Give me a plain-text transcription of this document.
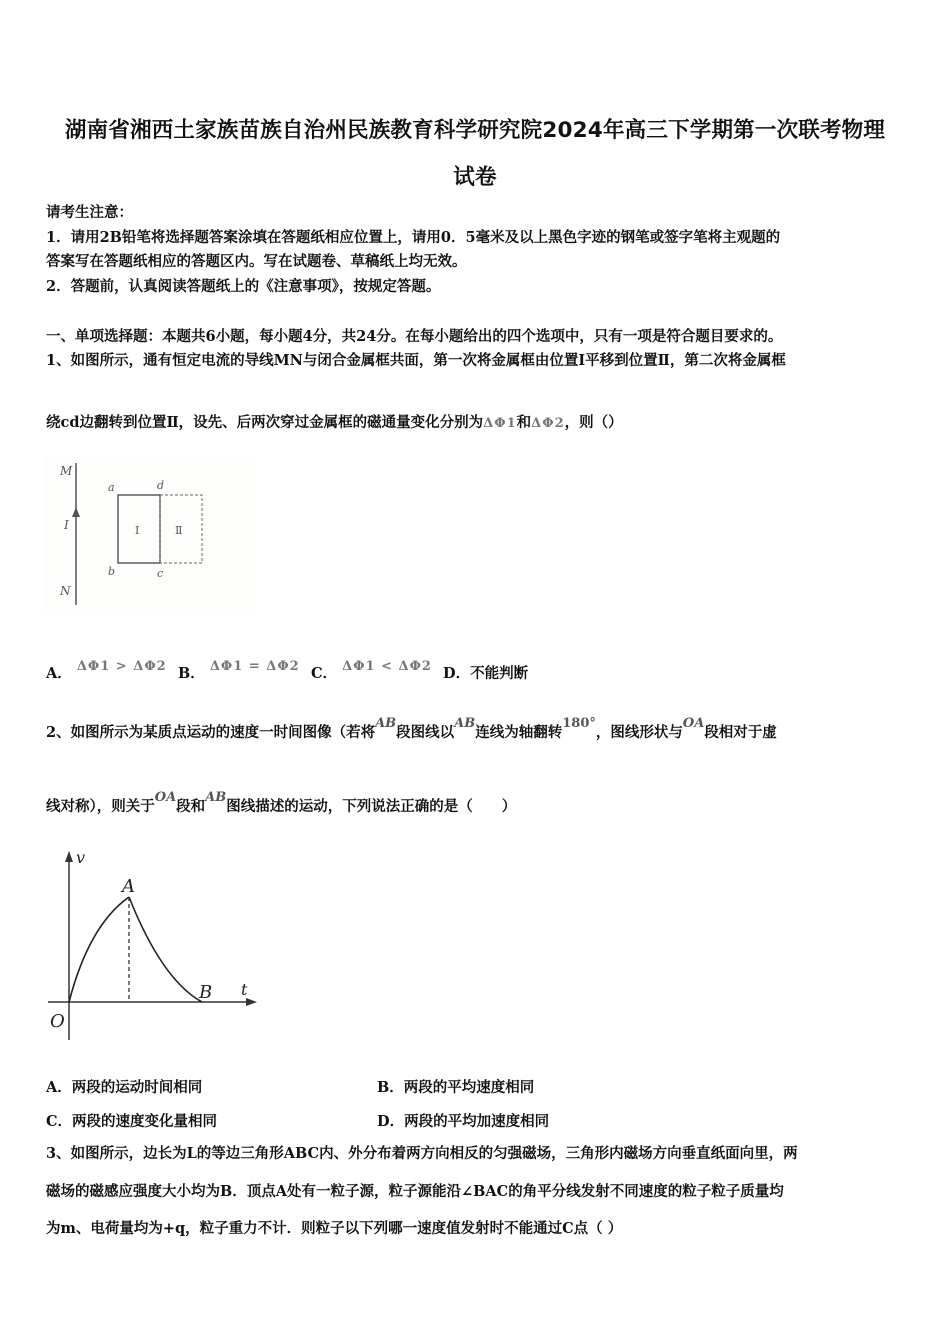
湖南省湘西土家族苗族自治州民族教育科学研究院2024年高三下学期第一次联考物理
试卷
请考生注意：
1．请用2B铅笔将选择题答案涂填在答题纸相应位置上，请用0．5毫米及以上黑色字迹的钢笔或签字笔将主观题的
答案写在答题纸相应的答题区内。写在试题卷、草稿纸上均无效。
2．答题前，认真阅读答题纸上的《注意事项》，按规定答题。
一、单项选择题：本题共6小题，每小题4分，共24分。在每小题给出的四个选项中，只有一项是符合题目要求的。
1、如图所示，通有恒定电流的导线MN与闭合金属框共面，第一次将金属框由位置Ⅰ平移到位置Ⅱ，第二次将金属框
绕cd边翻转到位置Ⅱ，设先、后两次穿过金属框的磁通量变化分别为ΔΦ1和ΔΦ2，则（）
M
I
N
a	d
b	c
Ⅰ	Ⅱ
A． ΔΦ1 > ΔΦ2 B． ΔΦ1 = ΔΦ2 C． ΔΦ1 < ΔΦ2 D．不能判断
2、如图所示为某质点运动的速度一时间图像（若将AB段图线以AB连线为轴翻转180°，图线形状与OA段相对于虚
线对称），则关于OA段和AB图线描述的运动，下列说法正确的是（　　）
v
t
O
A
B
A．两段的运动时间相同	B．两段的平均速度相同
C．两段的速度变化量相同	D．两段的平均加速度相同
3、如图所示，边长为L的等边三角形ABC内、外分布着两方向相反的匀强磁场，三角形内磁场方向垂直纸面向里，两
磁场的磁感应强度大小均为B．顶点A处有一粒子源，粒子源能沿∠BAC的角平分线发射不同速度的粒子粒子质量均
为m、电荷量均为+q，粒子重力不计．则粒子以下列哪一速度值发射时不能通过C点（ ）
